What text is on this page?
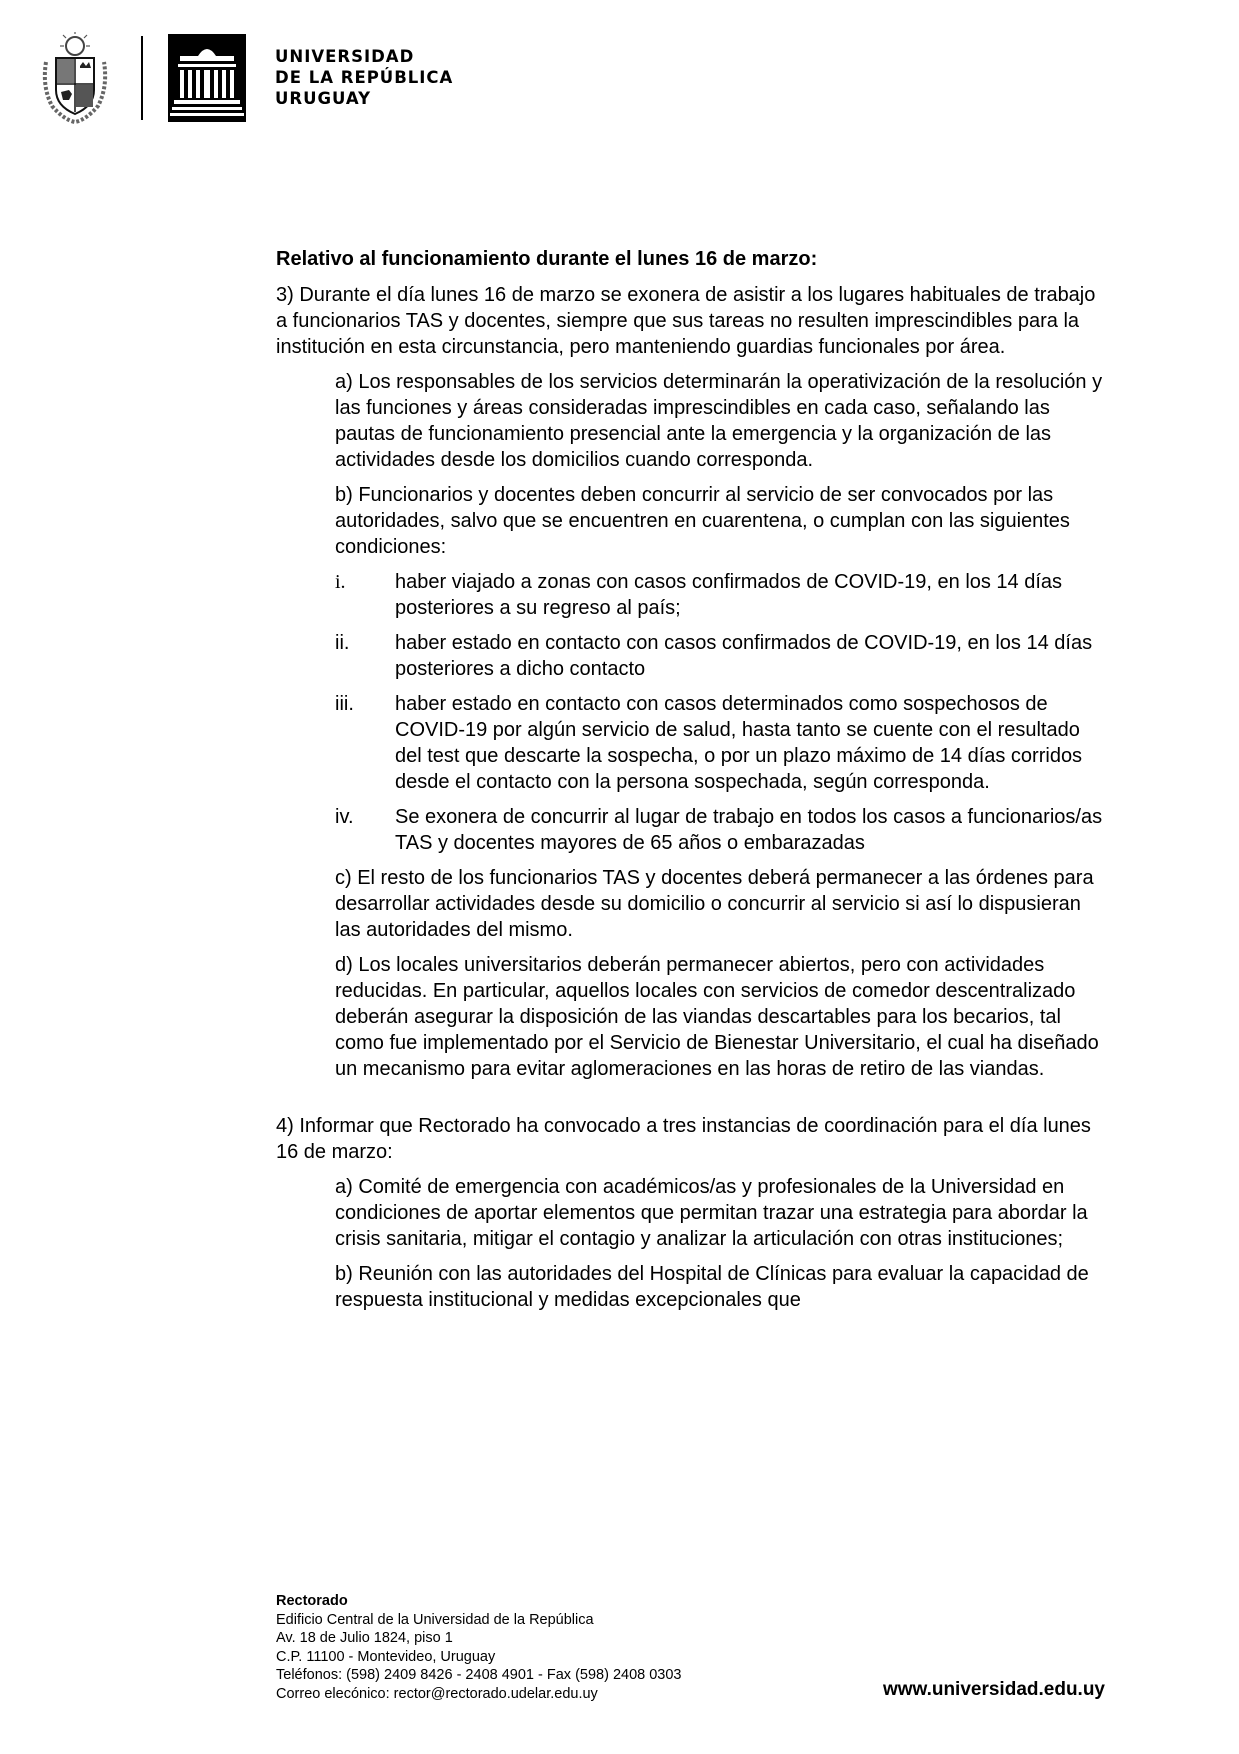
UNIVERSIDAD
DE LA REPÚBLICA
URUGUAY

Relativo al funcionamiento durante el lunes 16 de marzo:

3) Durante el día lunes 16 de marzo se exonera de asistir a los lugares habituales de trabajo a funcionarios TAS y docentes, siempre que sus tareas no resulten imprescindibles para la institución en esta circunstancia, pero manteniendo guardias funcionales por área.

a) Los responsables de los servicios determinarán la operativización de la resolución y las funciones y áreas consideradas imprescindibles en cada caso, señalando las pautas de funcionamiento presencial ante la emergencia y la organización de las actividades desde los domicilios cuando corresponda.

b) Funcionarios y docentes deben concurrir al servicio de ser convocados por las autoridades, salvo que se encuentren en cuarentena, o cumplan con las siguientes condiciones:

i.	haber viajado a zonas con casos confirmados de COVID-19, en los 14 días posteriores a su regreso al país;
ii.	haber estado en contacto con casos confirmados de COVID-19, en los 14 días posteriores a dicho contacto
iii.	haber estado en contacto con casos determinados como sospechosos de COVID-19 por algún servicio de salud, hasta tanto se cuente con el resultado del test que descarte la sospecha, o por un plazo máximo de 14 días corridos desde el contacto con la persona sospechada, según corresponda.
iv.	Se exonera de concurrir al lugar de trabajo en todos los casos a funcionarios/as TAS y docentes mayores de 65 años o embarazadas

c) El resto de los funcionarios TAS y docentes deberá permanecer a las órdenes para desarrollar actividades desde su domicilio o concurrir al servicio si así lo dispusieran las autoridades del mismo.

d) Los locales universitarios deberán permanecer abiertos, pero con actividades reducidas. En particular, aquellos locales con servicios de comedor descentralizado deberán asegurar la disposición de las viandas descartables para los becarios, tal como fue implementado por el Servicio de Bienestar Universitario, el cual ha diseñado un mecanismo para evitar aglomeraciones en las horas de retiro de las viandas.

4) Informar que Rectorado ha convocado a tres instancias de coordinación para el día lunes 16 de marzo:

a) Comité de emergencia con académicos/as y profesionales de la Universidad en condiciones de aportar elementos que permitan trazar una estrategia para abordar la crisis sanitaria, mitigar el contagio y analizar la articulación con otras instituciones;

b) Reunión con las autoridades del Hospital de Clínicas para evaluar la capacidad de respuesta institucional y medidas excepcionales que

Rectorado
Edificio Central de la Universidad de la República
Av. 18 de Julio 1824, piso 1
C.P. 11100 - Montevideo, Uruguay
Teléfonos: (598) 2409 8426 - 2408 4901 - Fax (598) 2408 0303
Correo elecónico: rector@rectorado.udelar.edu.uy	www.universidad.edu.uy
